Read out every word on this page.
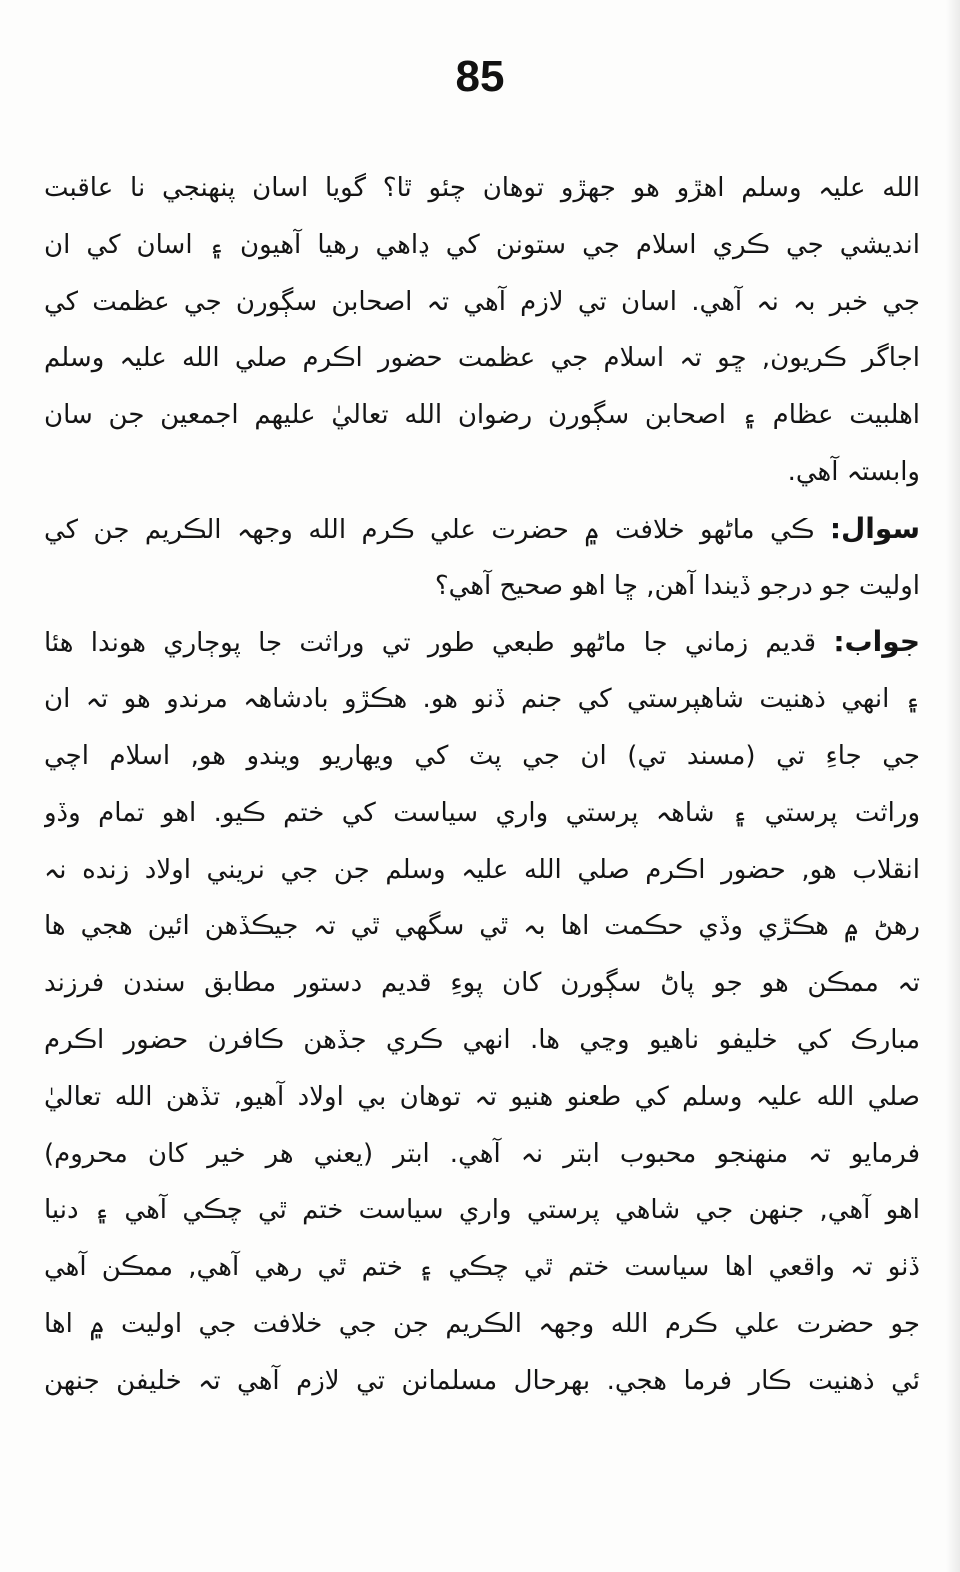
85
الله عليہ وسلم اهڙو هو جهڙو توهان چئو ٿا؟ گويا اسان پنهنجي نا عاقبت
انديشي جي ڪري اسلام جي ستونن کي ڍاهي رهيا آهيون ۽ اسان کي ان
جي خبر بہ نہ آهي. اسان تي لازم آهي تہ اصحابن سڳورن جي عظمت کي
اجاگر ڪريون, ڇو تہ اسلام جي عظمت حضور اڪرم صلي الله عليہ وسلم
اهلبيت عظام ۽ اصحابن سڳورن رضوان الله تعاليٰ عليهم اجمعين جن سان
وابستہ آهي.
سوال: ڪي ماڻهو خلافت ۾ حضرت علي ڪرم الله وجهہ الڪريم جن کي
اوليت جو درجو ڏيندا آهن, ڇا اهو صحيح آهي؟
جواب: قديم زماني جا ماڻهو طبعي طور تي وراثت جا پوڄاري هوندا هئا
۽ انهي ذهنيت شاهپرستي کي جنم ڏنو هو. هڪڙو بادشاهہ مرندو هو تہ ان
جي جاءِ تي (مسند تي) ان جي پٽ کي ويهاريو ويندو هو, اسلام اچي
وراثت پرستي ۽ شاهہ پرستي واري سياست کي ختم ڪيو. اهو تمام وڏو
انقلاب هو, حضور اڪرم صلي الله عليہ وسلم جن جي نريني اولاد زنده نہ
رهڻ ۾ هڪڙي وڏي حڪمت اها بہ ٿي سگهي ٿي تہ جيڪڏهن ائين هجي ها
تہ ممڪن هو جو پاڻ سڳورن کان پوءِ قديم دستور مطابق سندن فرزند
مبارڪ کي خليفو ناهيو وڃي ها. انهي ڪري جڏهن ڪافرن حضور اڪرم
صلي الله عليہ وسلم کي طعنو هنيو تہ توهان بي اولاد آهيو, تڏهن الله تعاليٰ
فرمايو تہ منهنجو محبوب ابتر نہ آهي. ابتر (يعني هر خير کان محروم)
اهو آهي, جنهن جي شاهي پرستي واري سياست ختم ٿي چڪي آهي ۽ دنيا
ڏٺو تہ واقعي اها سياست ختم ٿي چڪي ۽ ختم ٿي رهي آهي, ممڪن آهي
جو حضرت علي ڪرم الله وجهہ الڪريم جن جي خلافت جي اوليت ۾ اها
ئي ذهنيت ڪار فرما هجي. بهرحال مسلمانن تي لازم آهي تہ خليفن جنهن
